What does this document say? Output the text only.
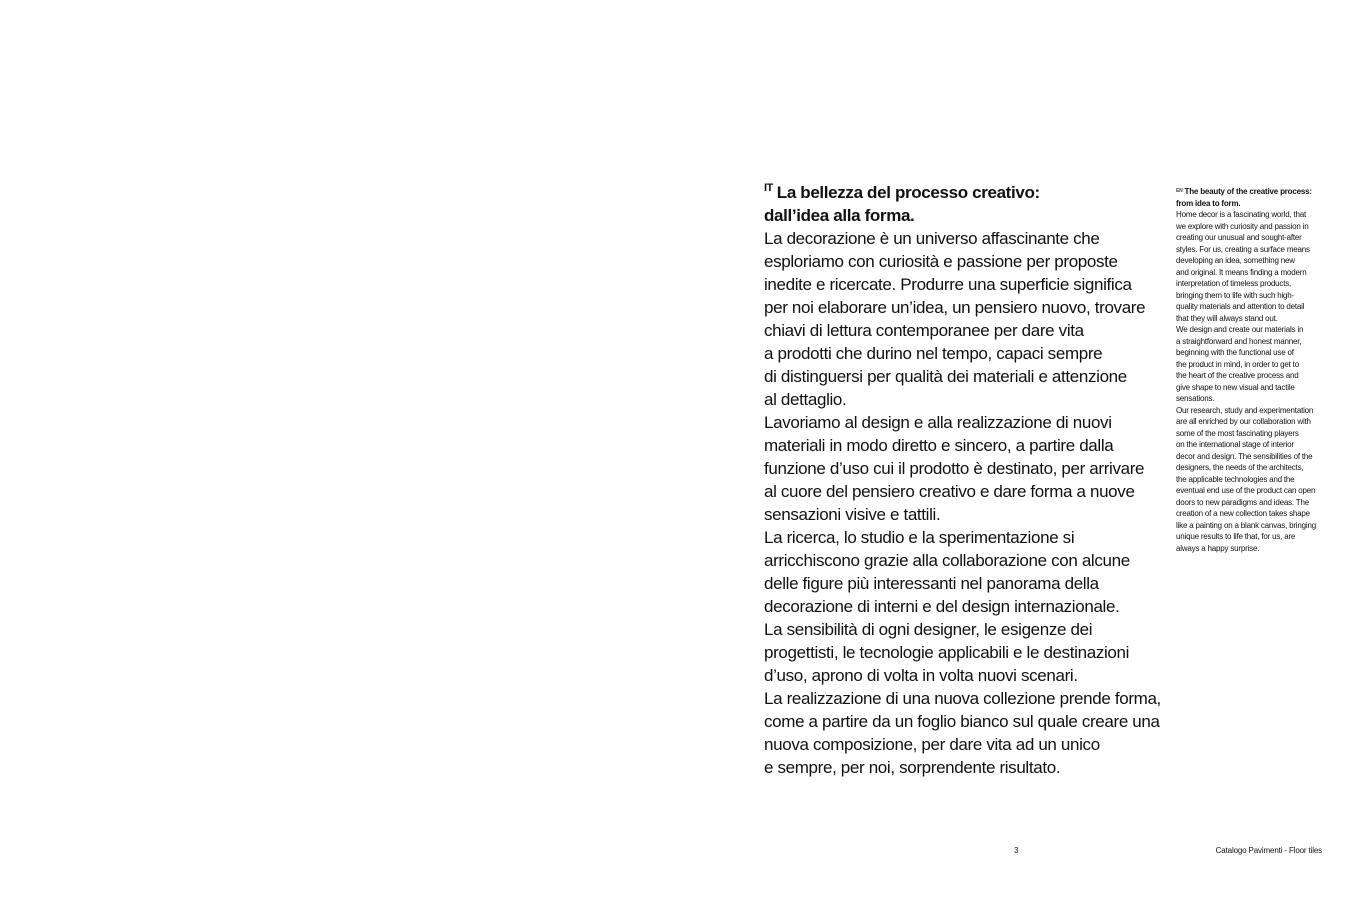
$^{IT}$ La bellezza del processo creativo:
dall’idea alla forma.

La decorazione è un universo affascinante che
esploriamo con curiosità e passione per proposte
inedite e ricercate. Produrre una superficie significa
per noi elaborare un’idea, un pensiero nuovo, trovare
chiavi di lettura contemporanee per dare vita
a prodotti che durino nel tempo, capaci sempre
di distinguersi per qualità dei materiali e attenzione
al dettaglio.

Lavoriamo al design e alla realizzazione di nuovi
materiali in modo diretto e sincero, a partire dalla
funzione d’uso cui il prodotto è destinato, per arrivare
al cuore del pensiero creativo e dare forma a nuove
sensazioni visive e tattili.

La ricerca, lo studio e la sperimentazione si
arricchiscono grazie alla collaborazione con alcune
delle figure più interessanti nel panorama della
decorazione di interni e del design internazionale.

La sensibilità di ogni designer, le esigenze dei
progettisti, le tecnologie applicabili e le destinazioni
d’uso, aprono di volta in volta nuovi scenari.

La realizzazione di una nuova collezione prende forma,
come a partire da un foglio bianco sul quale creare una
nuova composizione, per dare vita ad un unico
e sempre, per noi, sorprendente risultato.

$^{EN}$ The beauty of the creative process:
from idea to form.

Home decor is a fascinating world, that
we explore with curiosity and passion in
creating our unusual and sought-after
styles. For us, creating a surface means
developing an idea, something new
and original. It means finding a modern
interpretation of timeless products,
bringing them to life with such high-
quality materials and attention to detail
that they will always stand out.

We design and create our materials in
a straightforward and honest manner,
beginning with the functional use of
the product in mind, in order to get to
the heart of the creative process and
give shape to new visual and tactile
sensations.

Our research, study and experimentation
are all enriched by our collaboration with
some of the most fascinating players
on the international stage of interior
decor and design. The sensibilities of the
designers, the needs of the architects,
the applicable technologies and the
eventual end use of the product can open
doors to new paradigms and ideas. The
creation of a new collection takes shape
like a painting on a blank canvas, bringing
unique results to life that, for us, are
always a happy surprise.

3	Catalogo Pavimenti - Floor tiles
